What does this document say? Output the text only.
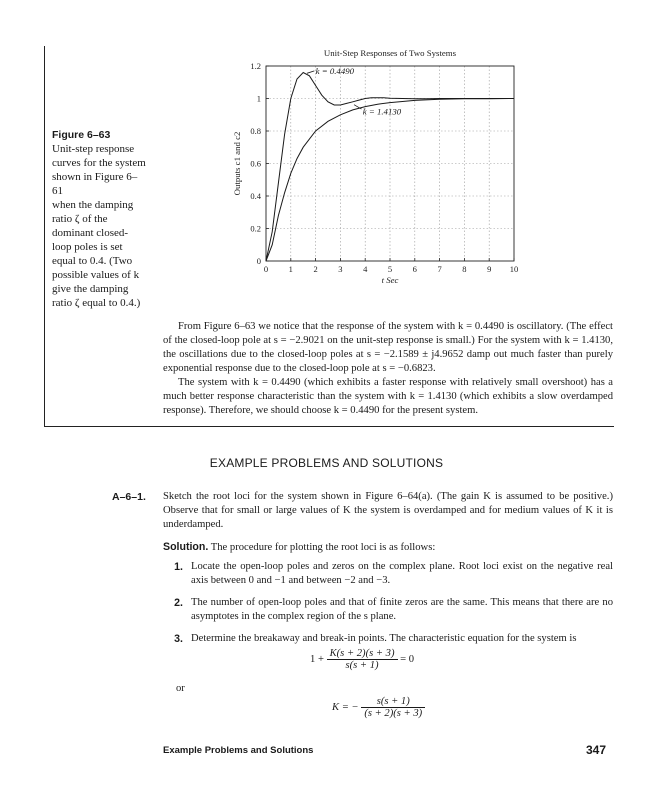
Figure 6–63
Unit-step response
curves for the system
shown in Figure 6–61
when the damping
ratio ζ of the
dominant closed-
loop poles is set
equal to 0.4. (Two
possible values of k
give the damping
ratio ζ equal to 0.4.)
0 1 2 3 4 5 6 7 8 9 10
0
0.2
0.4
0.6
0.8
1
1.2
Unit-Step Responses of Two Systems
t Sec
Outputs c1 and c2
k = 0.4490
k = 1.4130

From Figure 6–63 we notice that the response of the system with k = 0.4490 is oscillatory. (The effect of the closed-loop pole at s = −2.9021 on the unit-step response is small.) For the system with k = 1.4130, the oscillations due to the closed-loop poles at s = −2.1589 ± j4.9652 damp out much faster than purely exponential response due to the closed-loop pole at s = −0.6823.

The system with k = 0.4490 (which exhibits a faster response with relatively small overshoot) has a much better response characteristic than the system with k = 1.4130 (which exhibits a slow overdamped response). Therefore, we should choose k = 0.4490 for the present system.

EXAMPLE PROBLEMS AND SOLUTIONS
A–6–1. Sketch the root loci for the system shown in Figure 6–64(a). (The gain K is assumed to be positive.) Observe that for small or large values of K the system is overdamped and for medium values of K it is underdamped.
Solution. The procedure for plotting the root loci is as follows:
1. Locate the open-loop poles and zeros on the complex plane. Root loci exist on the negative real axis between 0 and −1 and between −2 and −3.
2. The number of open-loop poles and that of finite zeros are the same. This means that there are no asymptotes in the complex region of the s plane.
3. Determine the breakaway and break-in points. The characteristic equation for the system is
$1 + \frac{K(s + 2)(s + 3)}{s(s + 1)} = 0$
or
K = − $\frac{s(s + 1)}{(s + 2)(s + 3)}$
Example Problems and Solutions	347
